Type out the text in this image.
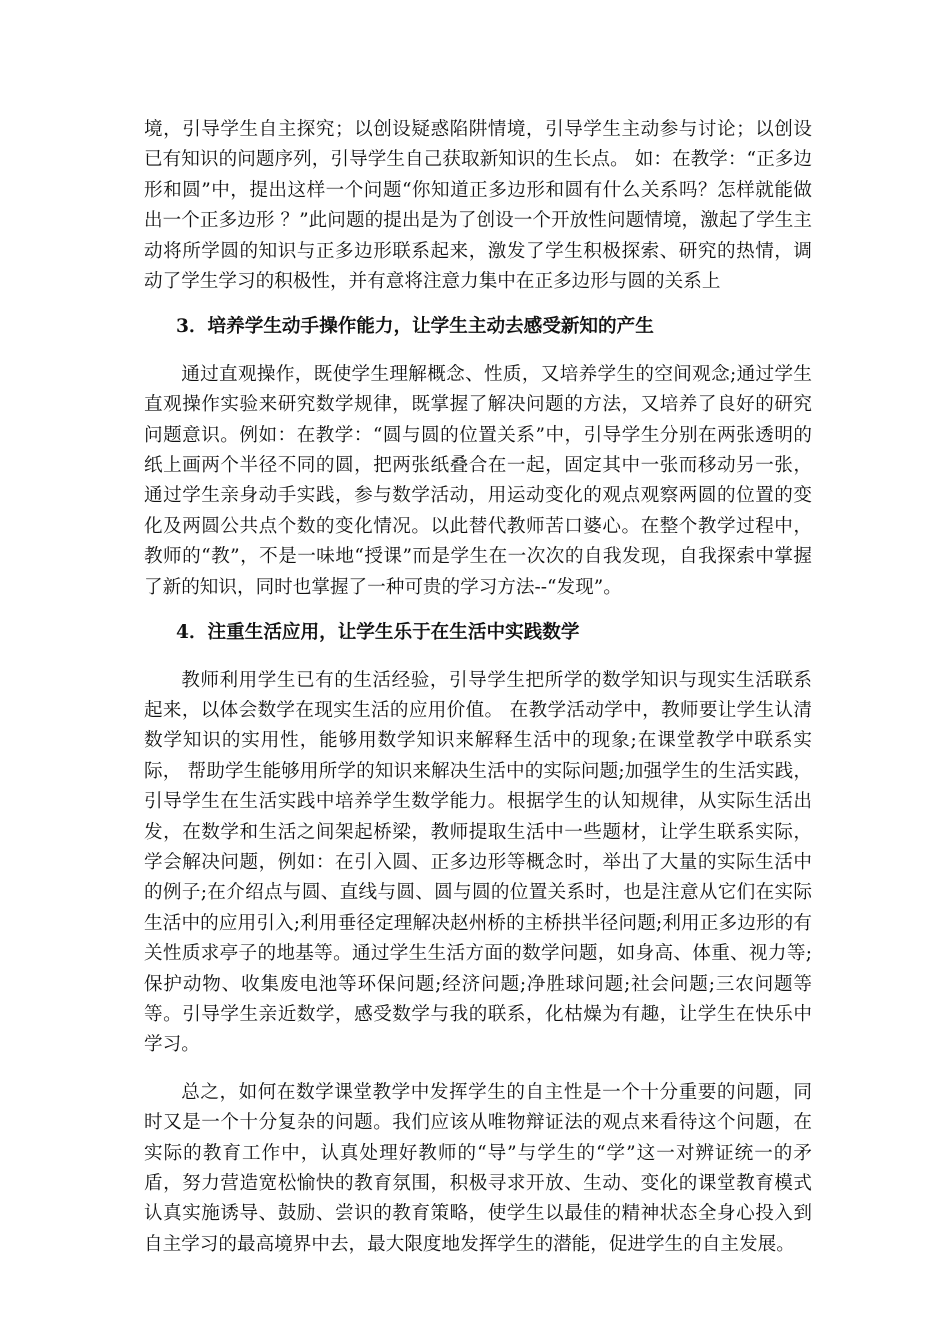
境，引导学生自主探究；以创设疑惑陷阱情境，引导学生主动参与讨论；以创设已有知识的问题序列，引导学生自己获取新知识的生长点。 如：在教学：“正多边形和圆”中，提出这样一个问题“你知道正多边形和圆有什么关系吗？怎样就能做出一个正多边形 ？”此问题的提出是为了创设一个开放性问题情境，激起了学生主动将所学圆的知识与正多边形联系起来，激发了学生积极探索、研究的热情，调动了学生学习的积极性，并有意将注意力集中在正多边形与圆的关系上

3．培养学生动手操作能力，让学生主动去感受新知的产生

通过直观操作，既使学生理解概念、性质，又培养学生的空间观念;通过学生直观操作实验来研究数学规律，既掌握了解决问题的方法，又培养了良好的研究问题意识。例如：在教学：“圆与圆的位置关系”中，引导学生分别在两张透明的纸上画两个半径不同的圆，把两张纸叠合在一起，固定其中一张而移动另一张，通过学生亲身动手实践，参与数学活动，用运动变化的观点观察两圆的位置的变化及两圆公共点个数的变化情况。以此替代教师苦口婆心。在整个教学过程中，教师的“教”，不是一味地“授课”而是学生在一次次的自我发现，自我探索中掌握了新的知识，同时也掌握了一种可贵的学习方法--“发现”。

4．注重生活应用，让学生乐于在生活中实践数学

教师利用学生已有的生活经验，引导学生把所学的数学知识与现实生活联系起来，以体会数学在现实生活的应用价值。 在教学活动学中，教师要让学生认清数学知识的实用性，能够用数学知识来解释生活中的现象;在课堂教学中联系实际， 帮助学生能够用所学的知识来解决生活中的实际问题;加强学生的生活实践，引导学生在生活实践中培养学生数学能力。根据学生的认知规律，从实际生活出发，在数学和生活之间架起桥梁，教师提取生活中一些题材，让学生联系实际，学会解决问题，例如：在引入圆、正多边形等概念时，举出了大量的实际生活中的例子;在介绍点与圆、直线与圆、圆与圆的位置关系时，也是注意从它们在实际生活中的应用引入;利用垂径定理解决赵州桥的主桥拱半径问题;利用正多边形的有关性质求亭子的地基等。通过学生生活方面的数学问题，如身高、体重、视力等;保护动物、收集废电池等环保问题;经济问题;净胜球问题;社会问题;三农问题等等。引导学生亲近数学，感受数学与我的联系，化枯燥为有趣，让学生在快乐中学习。

总之，如何在数学课堂教学中发挥学生的自主性是一个十分重要的问题，同时又是一个十分复杂的问题。我们应该从唯物辩证法的观点来看待这个问题，在实际的教育工作中，认真处理好教师的“导”与学生的“学”这一对辨证统一的矛盾，努力营造宽松愉快的教育氛围，积极寻求开放、生动、变化的课堂教育模式认真实施诱导、鼓励、尝识的教育策略，使学生以最佳的精神状态全身心投入到自主学习的最高境界中去，最大限度地发挥学生的潜能，促进学生的自主发展。
